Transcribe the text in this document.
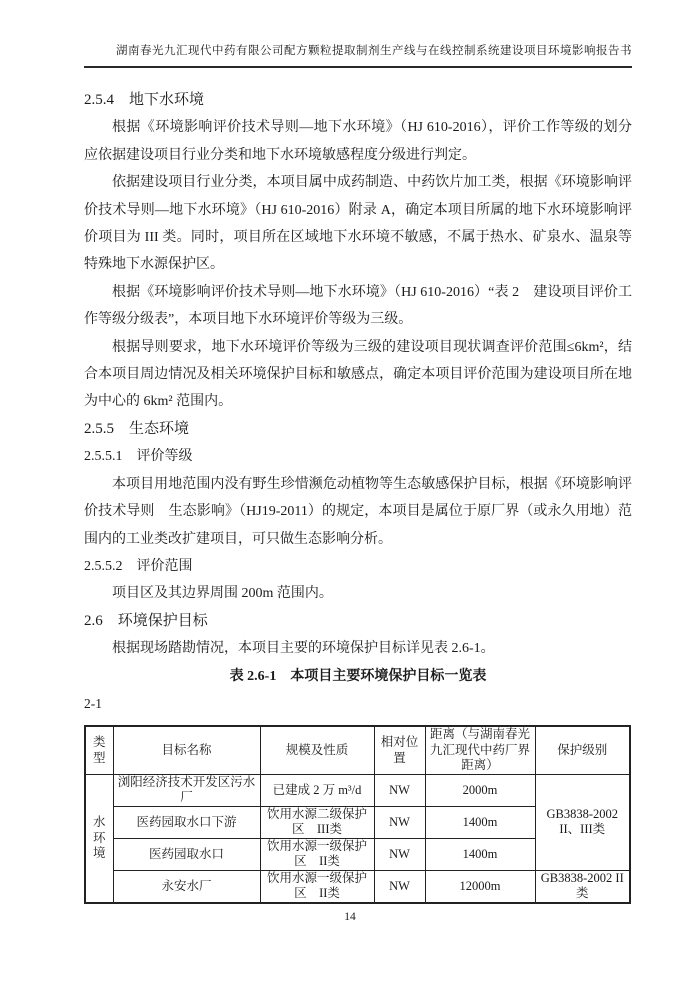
湖南春光九汇现代中药有限公司配方颗粒提取制剂生产线与在线控制系统建设项目环境影响报告书
2.5.4　地下水环境

根据《环境影响评价技术导则—地下水环境》（HJ 610-2016），评价工作等级的划分应依据建设项目行业分类和地下水环境敏感程度分级进行判定。

依据建设项目行业分类，本项目属中成药制造、中药饮片加工类，根据《环境影响评价技术导则—地下水环境》（HJ 610-2016）附录 A，确定本项目所属的地下水环境影响评价项目为 III 类。同时，项目所在区域地下水环境不敏感，不属于热水、矿泉水、温泉等特殊地下水源保护区。

根据《环境影响评价技术导则—地下水环境》（HJ 610-2016）“表 2　建设项目评价工作等级分级表”，本项目地下水环境评价等级为三级。

根据导则要求，地下水环境评价等级为三级的建设项目现状调查评价范围≤6km²，结合本项目周边情况及相关环境保护目标和敏感点，确定本项目评价范围为建设项目所在地为中心的 6km² 范围内。

2.5.5　生态环境
2.5.5.1　评价等级

本项目用地范围内没有野生珍惜濒危动植物等生态敏感保护目标，根据《环境影响评价技术导则　生态影响》（HJ19-2011）的规定，本项目是属位于原厂界（或永久用地）范围内的工业类改扩建项目，可只做生态影响分析。

2.5.5.2　评价范围

项目区及其边界周围 200m 范围内。

2.6　环境保护目标

根据现场踏勘情况，本项目主要的环境保护目标详见表 2.6-1。

表 2.6-1　本项目主要环境保护目标一览表
2-1
类型	目标名称	规模及性质	相对位置	距离（与湖南春光九汇现代中药厂界距离）	保护级别
水环境	浏阳经济技术开发区污水厂	已建成 2 万 m³/d	NW	2000m	GB3838-2002 II、III类
	医药园取水口下游	饮用水源二级保护区　III类	NW	1400m	
	医药园取水口	饮用水源一级保护区　II类	NW	1400m	
	永安水厂	饮用水源一级保护区　II类	NW	12000m	GB3838-2002 II类
14
